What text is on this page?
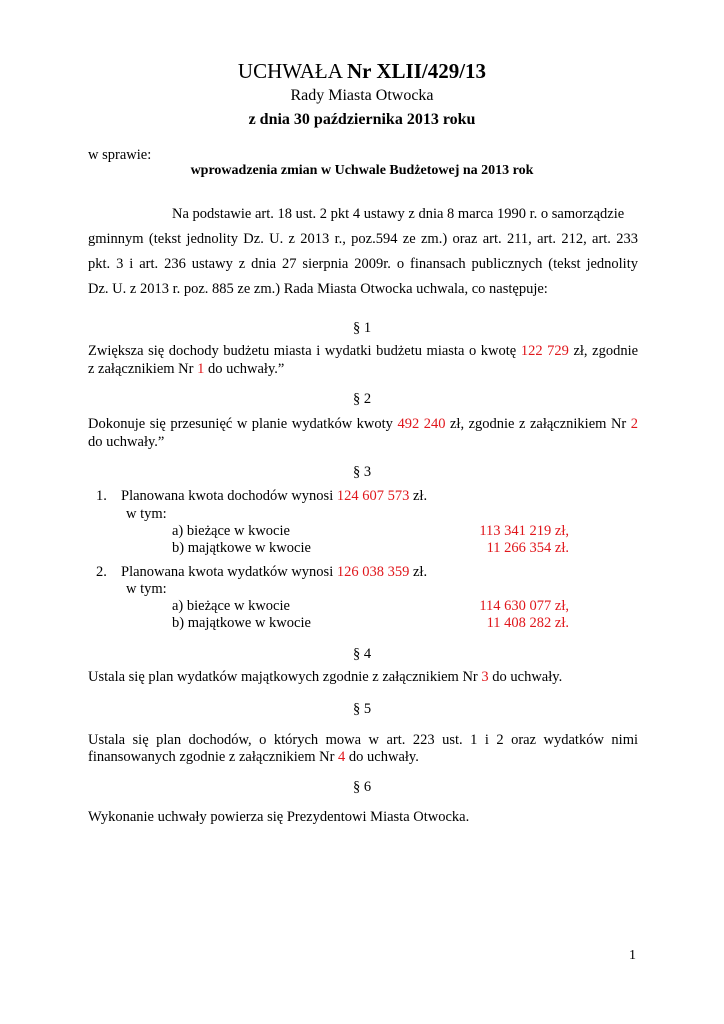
UCHWAŁA Nr XLII/429/13
Rady Miasta Otwocka
z dnia 30 października 2013 roku
w sprawie:
wprowadzenia zmian w Uchwale Budżetowej na 2013 rok
Na podstawie art. 18 ust. 2 pkt 4 ustawy z dnia 8 marca 1990 r. o samorządzie
gminnym (tekst jednolity Dz. U. z 2013 r., poz.594 ze zm.) oraz art. 211, art. 212, art. 233
pkt. 3 i art. 236 ustawy z dnia 27 sierpnia 2009r. o finansach publicznych (tekst jednolity
Dz. U. z 2013 r. poz. 885 ze zm.) Rada Miasta Otwocka uchwala, co następuje:
§ 1
Zwiększa się dochody budżetu miasta i wydatki budżetu miasta o kwotę 122 729 zł, zgodnie
z załącznikiem Nr 1 do uchwały.”
§ 2
Dokonuje się przesunięć w planie wydatków kwoty 492 240 zł, zgodnie z załącznikiem Nr 2
do uchwały.”
§ 3
1. Planowana kwota dochodów wynosi 124 607 573 zł.
w tym:
a) bieżące w kwocie	113 341 219 zł,
b) majątkowe w kwocie	11 266 354 zł.
2. Planowana kwota wydatków wynosi 126 038 359 zł.
w tym:
a) bieżące w kwocie	114 630 077 zł,
b) majątkowe w kwocie	11 408 282 zł.
§ 4
Ustala się plan wydatków majątkowych zgodnie z załącznikiem Nr 3 do uchwały.
§ 5
Ustala się plan dochodów, o których mowa w art. 223 ust. 1 i 2 oraz wydatków nimi
finansowanych zgodnie z załącznikiem Nr 4 do uchwały.
§ 6
Wykonanie uchwały powierza się Prezydentowi Miasta Otwocka.
1
